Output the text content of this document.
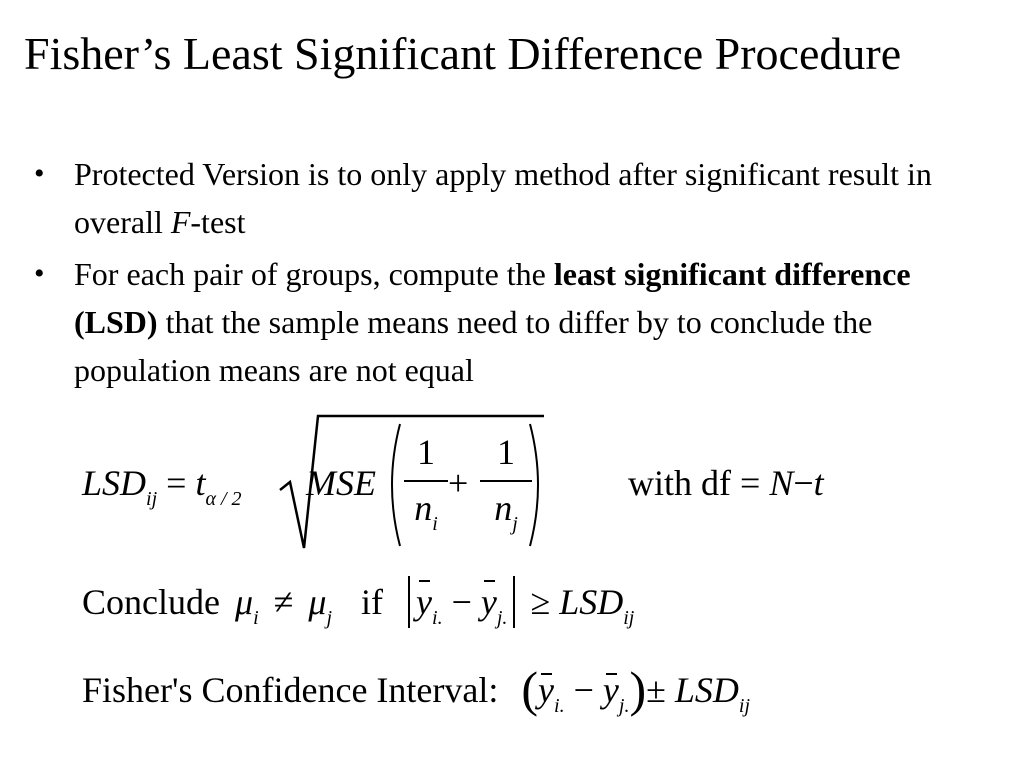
Fisher’s Least Significant Difference Procedure
• Protected Version is to only apply method after significant result in overall F-test
• For each pair of groups, compute the least significant difference (LSD) that the sample means need to differ by to conclude the population means are not equal
$LSD_{ij} = t_{\alpha / 2}$ MSE
1
$n_i$
+
1
$n_j$
with df = N−t
Conclude $\mu_i \ne \mu_j$ if $y_{i.} - y_{j.} \ge LSD_{ij}$
Fisher's Confidence Interval: $(y_{i.} - y_{j.})\pm LSD_{ij}$
